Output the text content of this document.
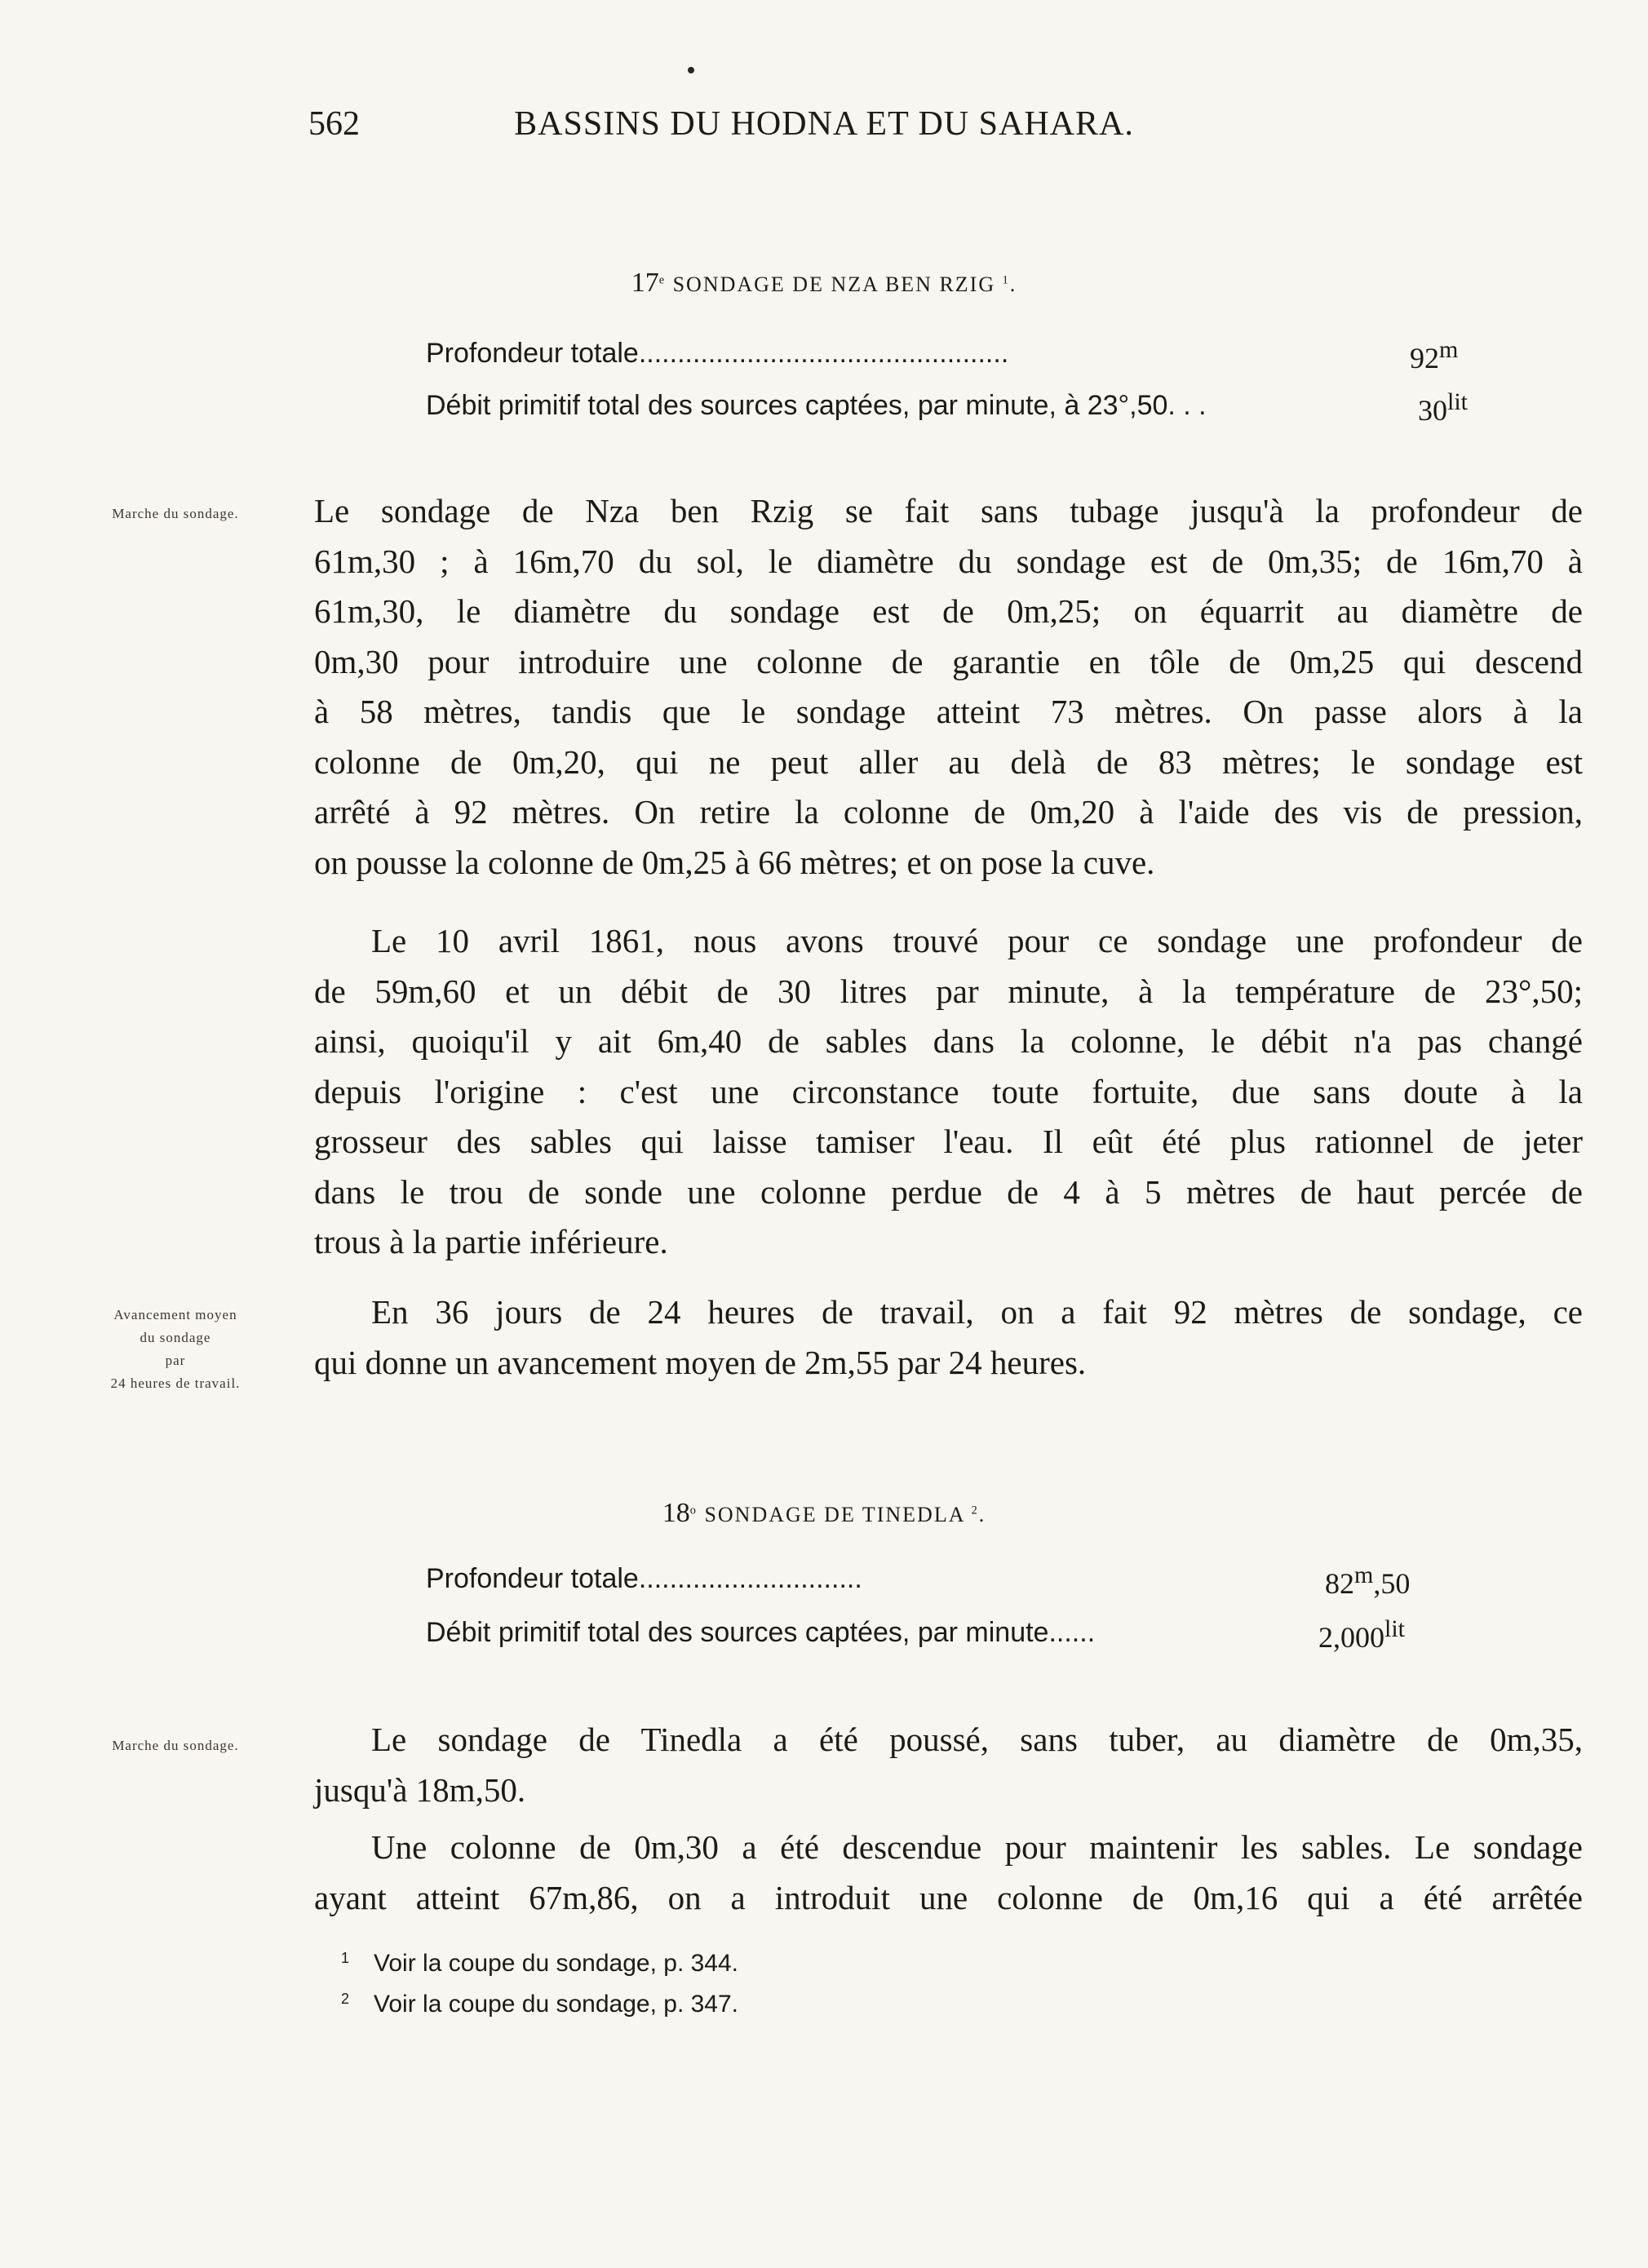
562	BASSINS DU HODNA ET DU SAHARA.
17e SONDAGE DE NZA BEN RZIG $^1$.
Profondeur totale................................................	92$^m$
Débit primitif total des sources captées, par minute, à 23°,50. . .	$30^{lit}$
Marche du sondage.
Avancement moyen
du sondage
par
24 heures de travail.
Marche du sondage.
Le sondage de Nza ben Rzig se fait sans tubage jusqu'à la profondeur de
61m,30 ; à 16m,70 du sol, le diamètre du sondage est de 0m,35; de 16m,70 à
61m,30, le diamètre du sondage est de 0m,25; on équarrit au diamètre de
0m,30 pour introduire une colonne de garantie en tôle de 0m,25 qui descend
à 58 mètres, tandis que le sondage atteint 73 mètres. On passe alors à la
colonne de 0m,20, qui ne peut aller au delà de 83 mètres; le sondage est
arrêté à 92 mètres. On retire la colonne de 0m,20 à l'aide des vis de pression,
on pousse la colonne de 0m,25 à 66 mètres; et on pose la cuve.
Le 10 avril 1861, nous avons trouvé pour ce sondage une profondeur de
de 59m,60 et un débit de 30 litres par minute, à la température de 23°,50;
ainsi, quoiqu'il y ait 6m,40 de sables dans la colonne, le débit n'a pas changé
depuis l'origine : c'est une circonstance toute fortuite, due sans doute à la
grosseur des sables qui laisse tamiser l'eau. Il eût été plus rationnel de jeter
dans le trou de sonde une colonne perdue de 4 à 5 mètres de haut percée de
trous à la partie inférieure.
En 36 jours de 24 heures de travail, on a fait 92 mètres de sondage, ce
qui donne un avancement moyen de 2m,55 par 24 heures.
18$^o$ SONDAGE DE TINEDLA $^2$.
Profondeur totale.............................	82$^m$,50
Débit primitif total des sources captées, par minute......	$2,000^{lit}$
Le sondage de Tinedla a été poussé, sans tuber, au diamètre de 0m,35,
jusqu'à 18m,50.
Une colonne de 0m,30 a été descendue pour maintenir les sables. Le sondage
ayant atteint 67m,86, on a introduit une colonne de 0m,16 qui a été arrêtée
1 Voir la coupe du sondage, p. 344.
2 Voir la coupe du sondage, p. 347.
